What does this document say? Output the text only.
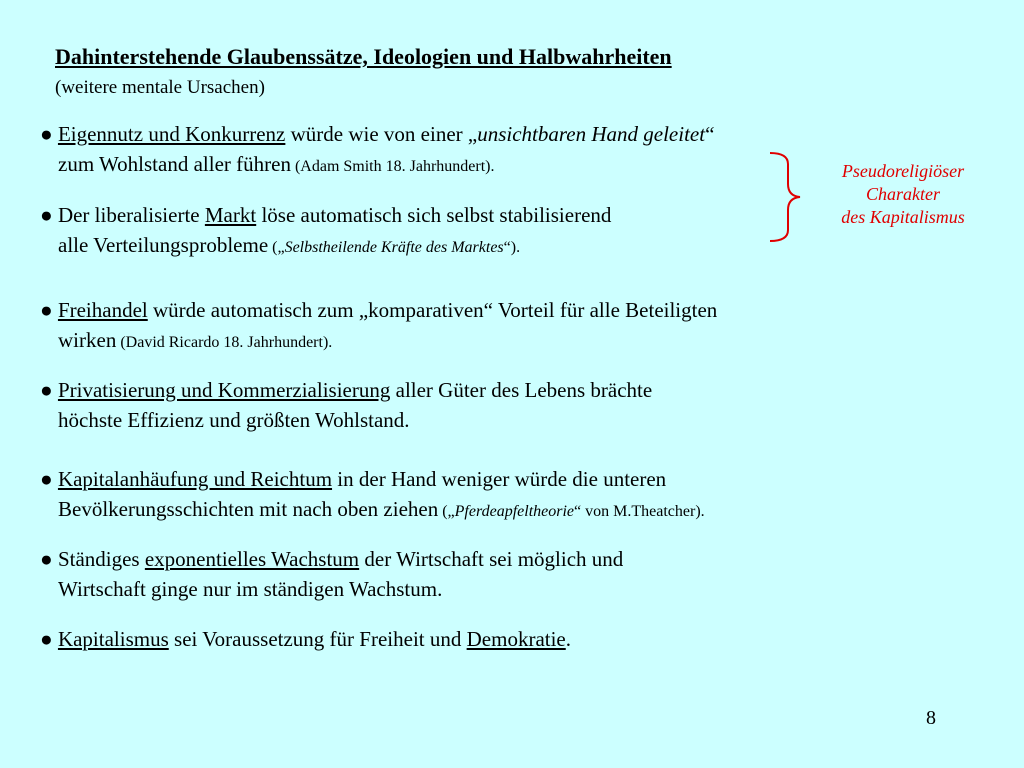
Dahinterstehende Glaubenssätze, Ideologien und Halbwahrheiten
(weitere mentale Ursachen)
● Eigennutz und Konkurrenz würde wie von einer „unsichtbaren Hand geleitet“
zum Wohlstand aller führen (Adam Smith 18. Jahrhundert).
● Der liberalisierte Markt löse automatisch sich selbst stabilisierend
alle Verteilungsprobleme („Selbstheilende Kräfte des Marktes“).
● Freihandel würde automatisch zum „komparativen“ Vorteil für alle Beteiligten
wirken (David Ricardo 18. Jahrhundert).
● Privatisierung und Kommerzialisierung aller Güter des Lebens brächte
höchste Effizienz und größten Wohlstand.
● Kapitalanhäufung und Reichtum in der Hand weniger würde die unteren
Bevölkerungsschichten mit nach oben ziehen („Pferdeapfeltheorie“ von M.Theatcher).
● Ständiges exponentielles Wachstum der Wirtschaft sei möglich und
Wirtschaft ginge nur im ständigen Wachstum.
● Kapitalismus sei Voraussetzung für Freiheit und Demokratie.
Pseudoreligiöser
Charakter
des Kapitalismus
8
